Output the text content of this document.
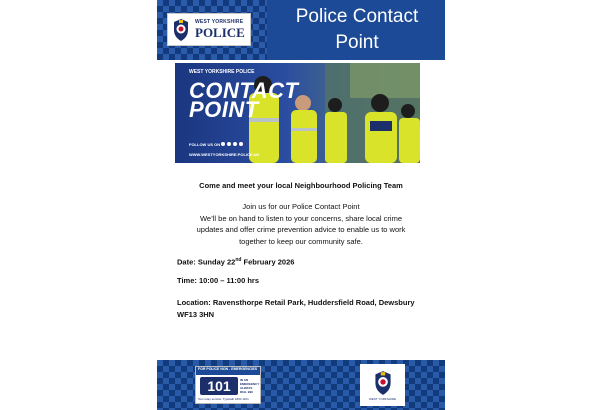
WEST YORKSHIRE
POLICE
Police Contact
Point
WEST YORKSHIRE POLICE
CONTACT
POINT
FOLLOW US ON
WWW.WESTYORKSHIRE.POLICE.UK
Come and meet your local Neighbourhood Policing Team
Join us for our Police Contact Point
We’ll be on hand to listen to your concerns, share local crime
updates and offer crime prevention advice to enable us to work
together to keep our community safe.
Date: Sunday 22nd February 2026
Time: 10:00 – 11:00 hrs
Location: Ravensthorpe Retail Park, Huddersfield Road, Dewsbury
WF13 3HN
FOR POLICE NON - EMERGENCIES
101	IN AN EMERGENCY ALWAYS DIAL 999
Text relay service: Typetalk 1800 1101	WEST YORKSHIRE
